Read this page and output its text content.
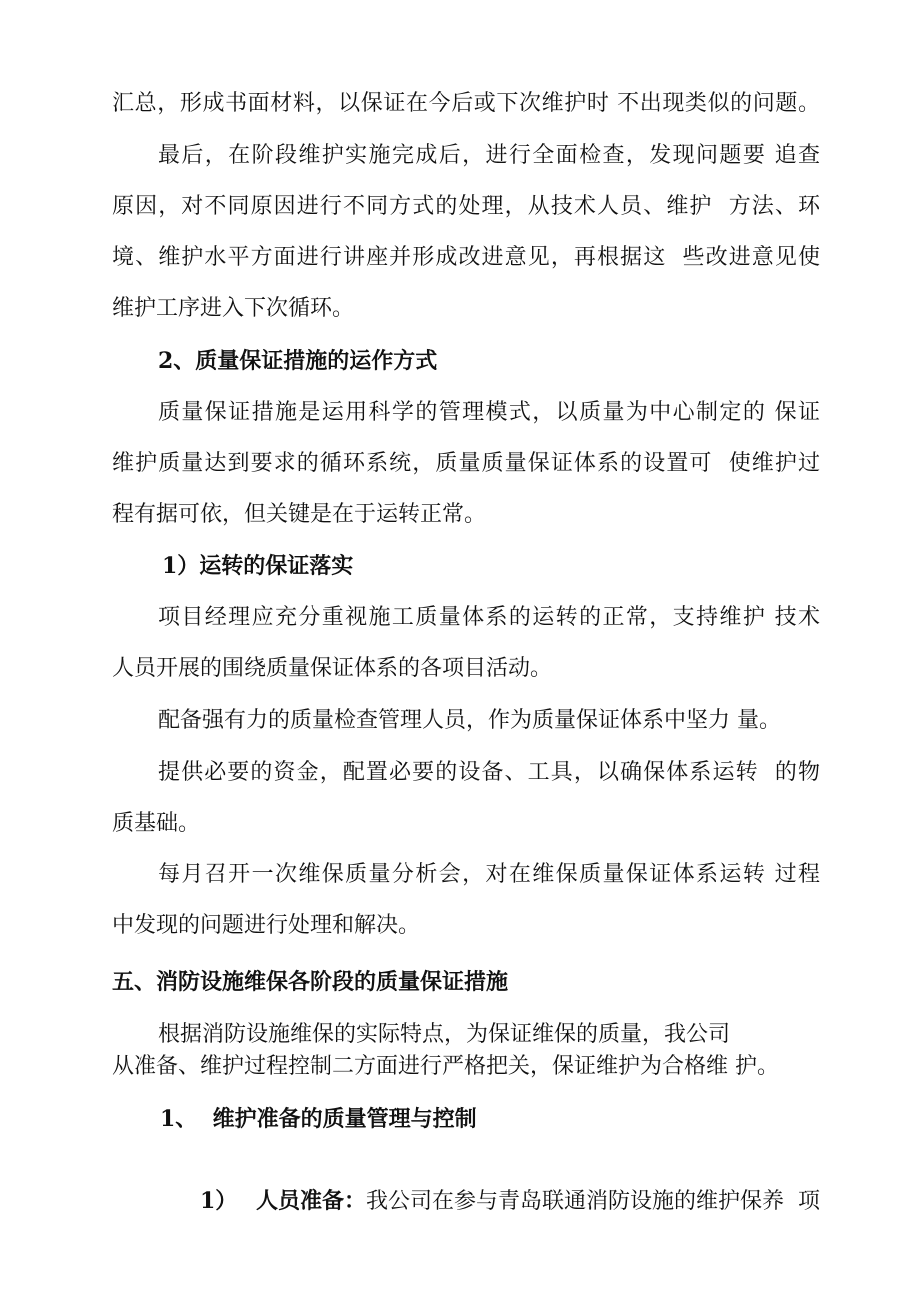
汇总，形成书面材料，以保证在今后或下次维护时 不出现类似的问题。
最后，在阶段维护实施完成后，进行全面检查，发现问题要 追查
原因，对不同原因进行不同方式的处理，从技术人员、维护  方法、环
境、维护水平方面进行讲座并形成改进意见，再根据这  些改进意见使
维护工序进入下次循环。
2、质量保证措施的运作方式
质量保证措施是运用科学的管理模式，以质量为中心制定的 保证
维护质量达到要求的循环系统，质量质量保证体系的设置可  使维护过
程有据可依，但关键是在于运转正常。
1）运转的保证落实
项目经理应充分重视施工质量体系的运转的正常，支持维护 技术
人员开展的围绕质量保证体系的各项目活动。
配备强有力的质量检查管理人员，作为质量保证体系中坚力 量。
提供必要的资金，配置必要的设备、工具，以确保体系运转  的物
质基础。
每月召开一次维保质量分析会，对在维保质量保证体系运转 过程
中发现的问题进行处理和解决。
五、消防设施维保各阶段的质量保证措施
根据消防设施维保的实际特点，为保证维保的质量，我公司
从准备、维护过程控制二方面进行严格把关，保证维护为合格维 护。
1、  维护准备的质量管理与控制

1） 人员准备：我公司在参与青岛联通消防设施的维护保养  项
